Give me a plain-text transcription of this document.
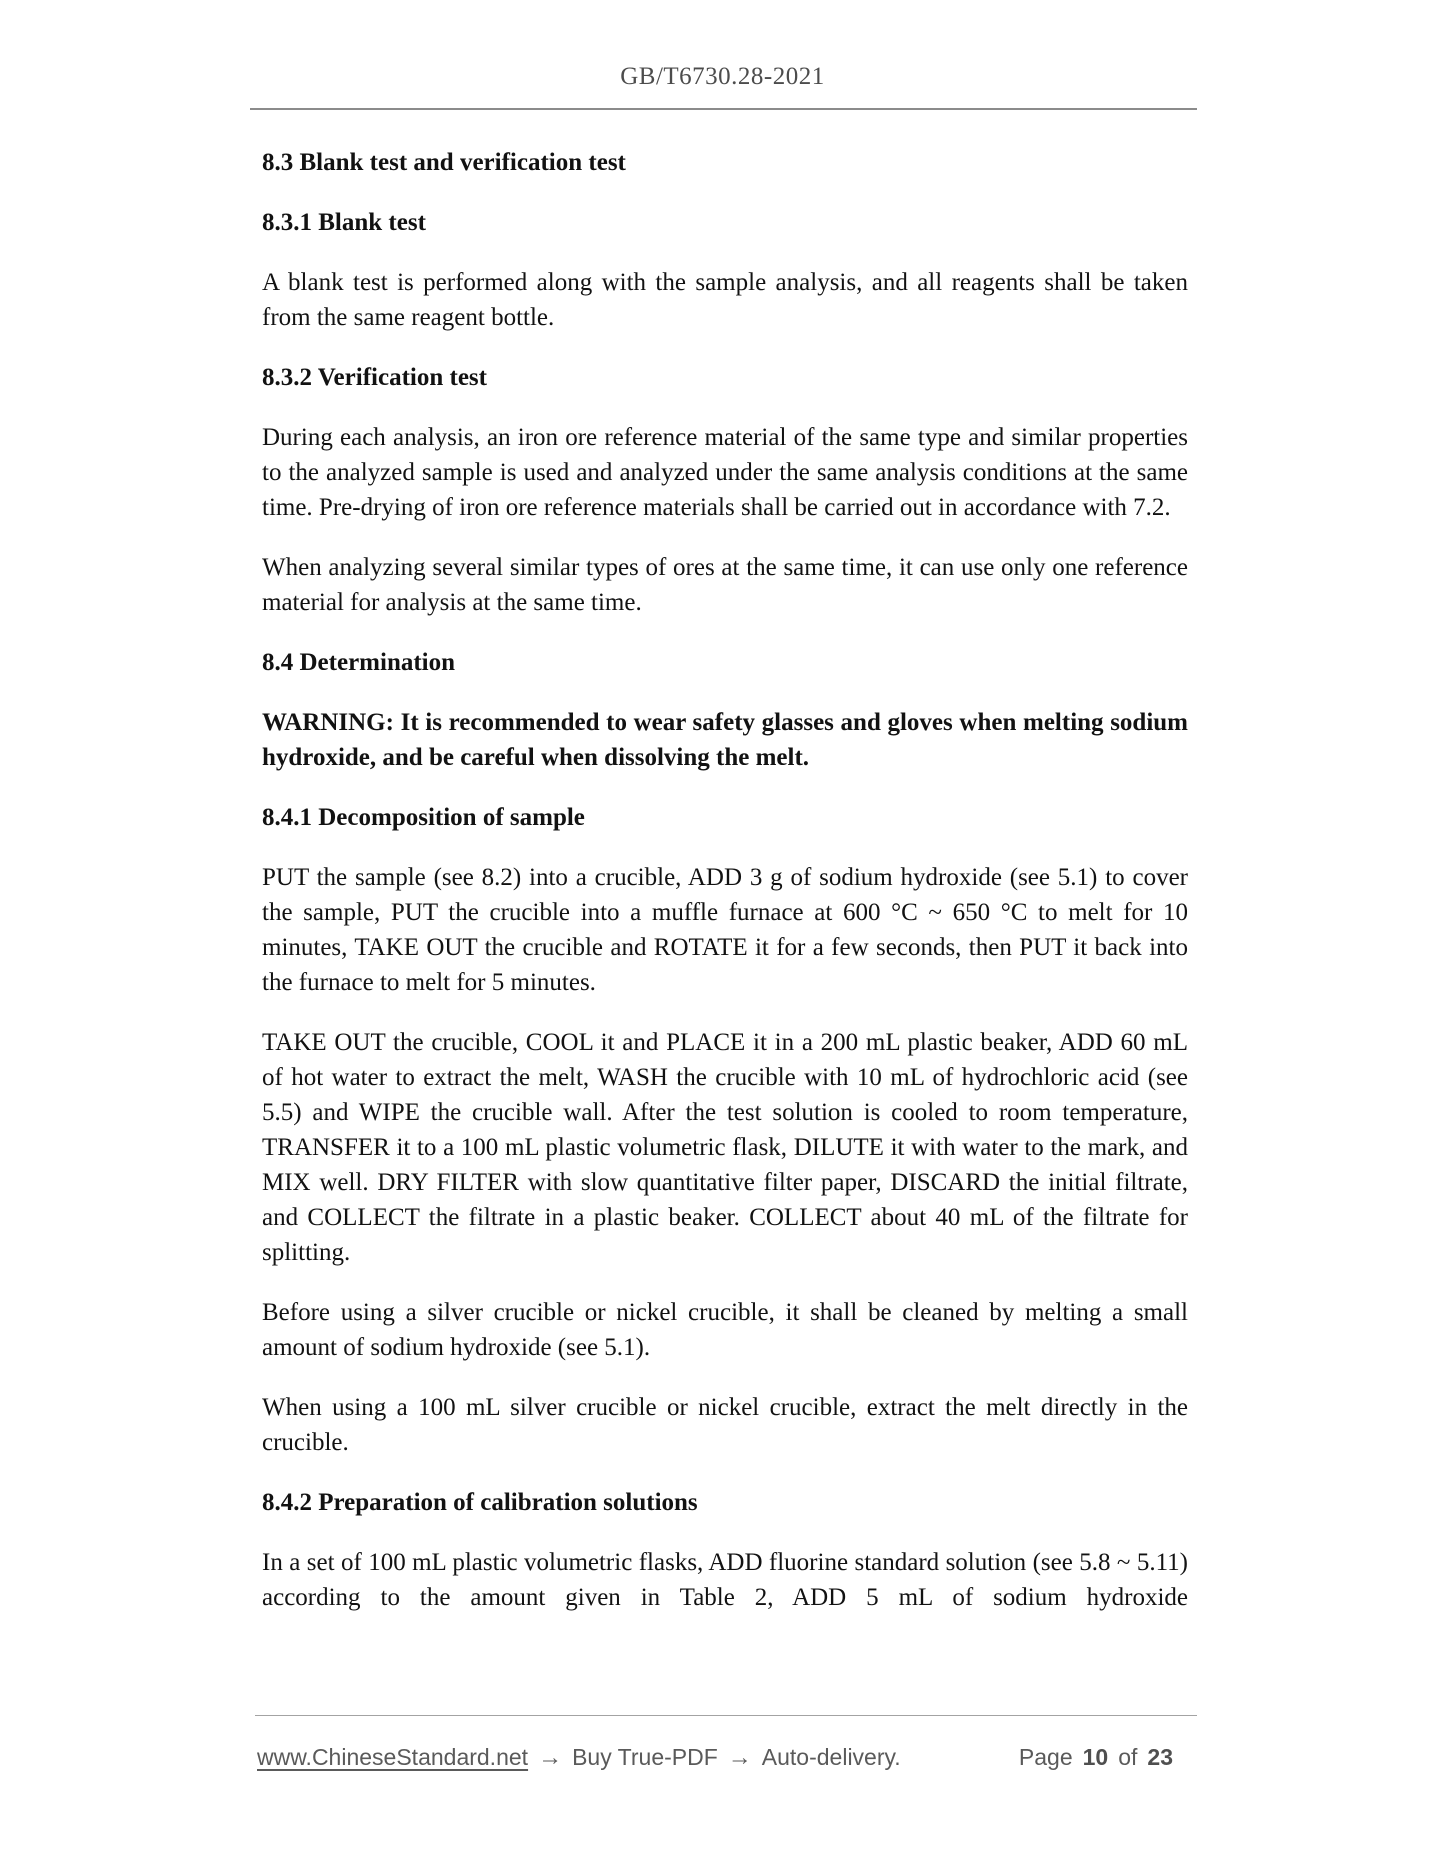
GB/T6730.28-2021
8.3 Blank test and verification test
8.3.1 Blank test

A blank test is performed along with the sample analysis, and all reagents shall be taken from the same reagent bottle.

8.3.2 Verification test

During each analysis, an iron ore reference material of the same type and similar properties to the analyzed sample is used and analyzed under the same analysis conditions at the same time. Pre-drying of iron ore reference materials shall be carried out in accordance with 7.2.

When analyzing several similar types of ores at the same time, it can use only one reference material for analysis at the same time.

8.4 Determination

WARNING: It is recommended to wear safety glasses and gloves when melting sodium hydroxide, and be careful when dissolving the melt.

8.4.1 Decomposition of sample

PUT the sample (see 8.2) into a crucible, ADD 3 g of sodium hydroxide (see 5.1) to cover the sample, PUT the crucible into a muffle furnace at 600 °C ~ 650 °C to melt for 10 minutes, TAKE OUT the crucible and ROTATE it for a few seconds, then PUT it back into the furnace to melt for 5 minutes.

TAKE OUT the crucible, COOL it and PLACE it in a 200 mL plastic beaker, ADD 60 mL of hot water to extract the melt, WASH the crucible with 10 mL of hydrochloric acid (see 5.5) and WIPE the crucible wall. After the test solution is cooled to room temperature, TRANSFER it to a 100 mL plastic volumetric flask, DILUTE it with water to the mark, and MIX well. DRY FILTER with slow quantitative filter paper, DISCARD the initial filtrate, and COLLECT the filtrate in a plastic beaker. COLLECT about 40 mL of the filtrate for splitting.

Before using a silver crucible or nickel crucible, it shall be cleaned by melting a small amount of sodium hydroxide (see 5.1).

When using a 100 mL silver crucible or nickel crucible, extract the melt directly in the crucible.

8.4.2 Preparation of calibration solutions

In a set of 100 mL plastic volumetric flasks, ADD fluorine standard solution (see 5.8 ~ 5.11) according to the amount given in Table 2, ADD 5 mL of sodium hydroxide

www.ChineseStandard.net → Buy True-PDF → Auto-delivery.	Page 10 of 23
